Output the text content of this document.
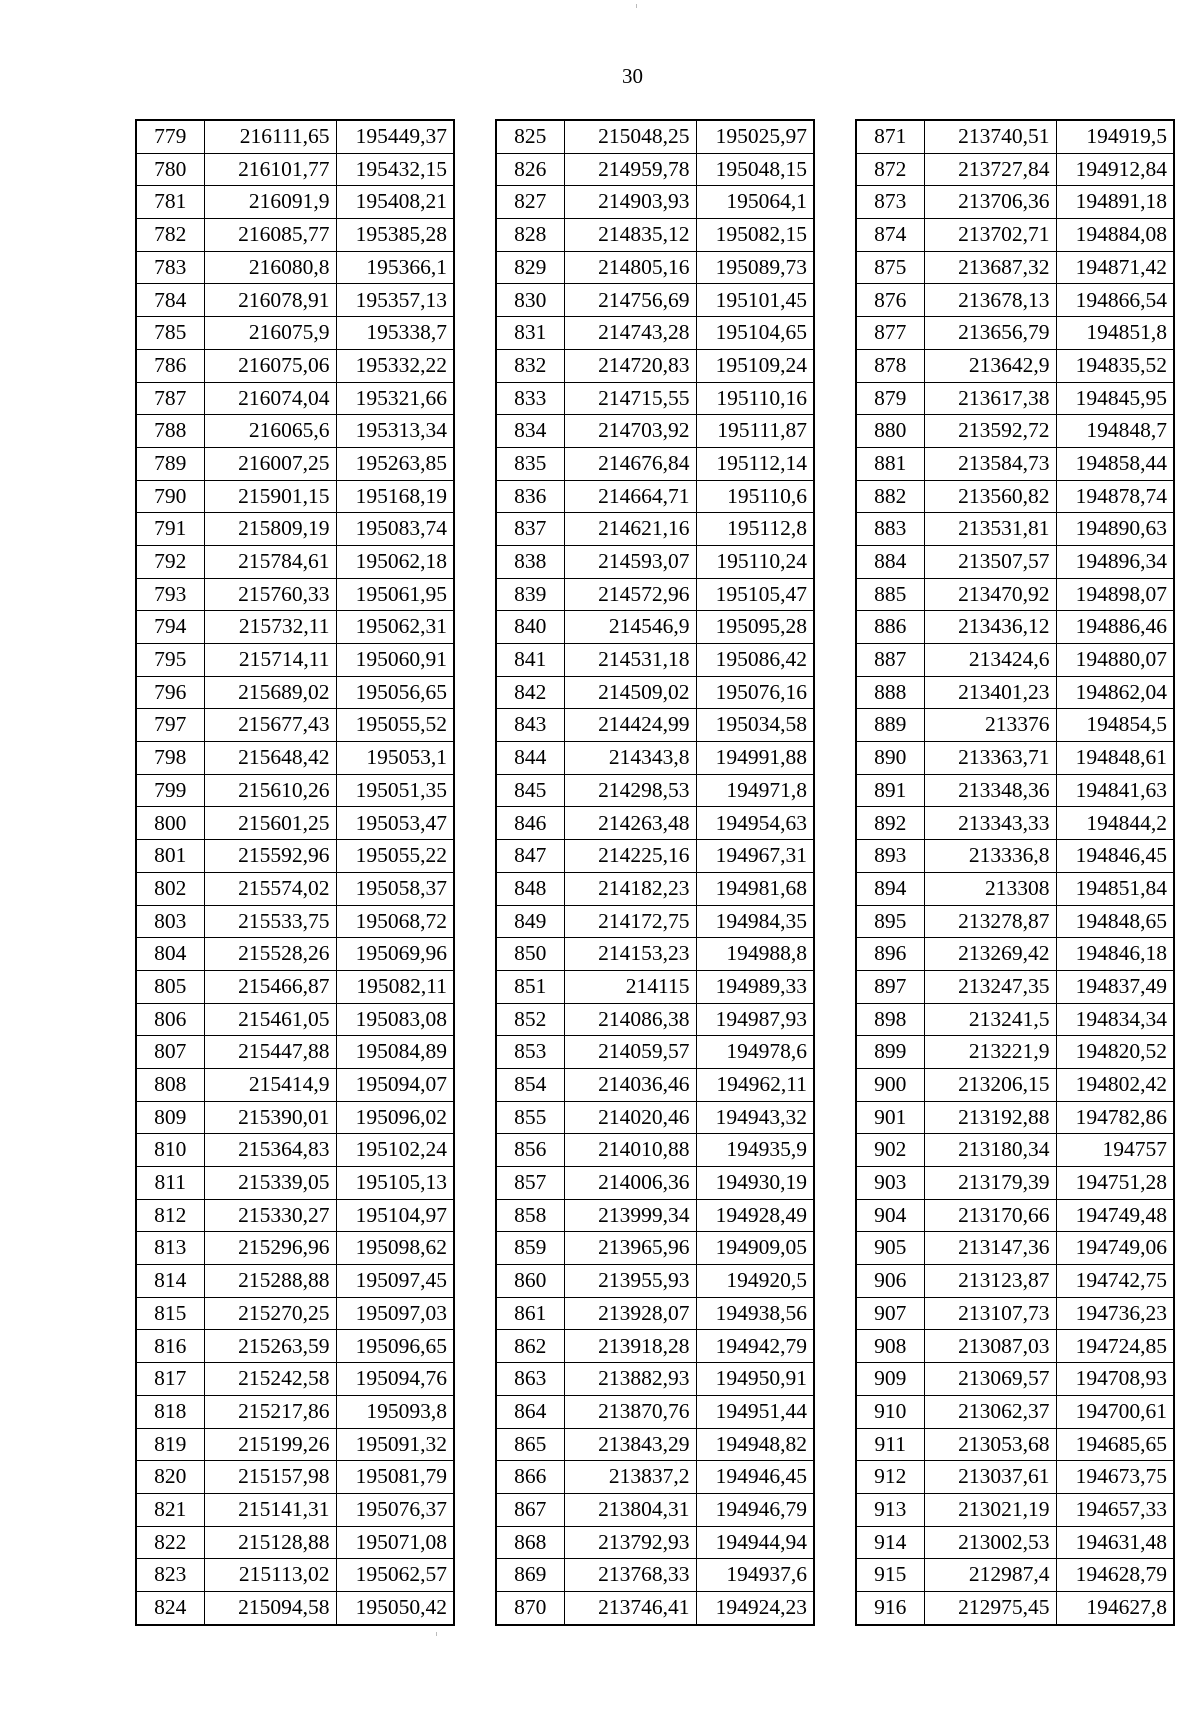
30
779	216111,65	195449,37
780	216101,77	195432,15
781	216091,9	195408,21
782	216085,77	195385,28
783	216080,8	195366,1
784	216078,91	195357,13
785	216075,9	195338,7
786	216075,06	195332,22
787	216074,04	195321,66
788	216065,6	195313,34
789	216007,25	195263,85
790	215901,15	195168,19
791	215809,19	195083,74
792	215784,61	195062,18
793	215760,33	195061,95
794	215732,11	195062,31
795	215714,11	195060,91
796	215689,02	195056,65
797	215677,43	195055,52
798	215648,42	195053,1
799	215610,26	195051,35
800	215601,25	195053,47
801	215592,96	195055,22
802	215574,02	195058,37
803	215533,75	195068,72
804	215528,26	195069,96
805	215466,87	195082,11
806	215461,05	195083,08
807	215447,88	195084,89
808	215414,9	195094,07
809	215390,01	195096,02
810	215364,83	195102,24
811	215339,05	195105,13
812	215330,27	195104,97
813	215296,96	195098,62
814	215288,88	195097,45
815	215270,25	195097,03
816	215263,59	195096,65
817	215242,58	195094,76
818	215217,86	195093,8
819	215199,26	195091,32
820	215157,98	195081,79
821	215141,31	195076,37
822	215128,88	195071,08
823	215113,02	195062,57
824	215094,58	195050,42
825	215048,25	195025,97
826	214959,78	195048,15
827	214903,93	195064,1
828	214835,12	195082,15
829	214805,16	195089,73
830	214756,69	195101,45
831	214743,28	195104,65
832	214720,83	195109,24
833	214715,55	195110,16
834	214703,92	195111,87
835	214676,84	195112,14
836	214664,71	195110,6
837	214621,16	195112,8
838	214593,07	195110,24
839	214572,96	195105,47
840	214546,9	195095,28
841	214531,18	195086,42
842	214509,02	195076,16
843	214424,99	195034,58
844	214343,8	194991,88
845	214298,53	194971,8
846	214263,48	194954,63
847	214225,16	194967,31
848	214182,23	194981,68
849	214172,75	194984,35
850	214153,23	194988,8
851	214115	194989,33
852	214086,38	194987,93
853	214059,57	194978,6
854	214036,46	194962,11
855	214020,46	194943,32
856	214010,88	194935,9
857	214006,36	194930,19
858	213999,34	194928,49
859	213965,96	194909,05
860	213955,93	194920,5
861	213928,07	194938,56
862	213918,28	194942,79
863	213882,93	194950,91
864	213870,76	194951,44
865	213843,29	194948,82
866	213837,2	194946,45
867	213804,31	194946,79
868	213792,93	194944,94
869	213768,33	194937,6
870	213746,41	194924,23
871	213740,51	194919,5
872	213727,84	194912,84
873	213706,36	194891,18
874	213702,71	194884,08
875	213687,32	194871,42
876	213678,13	194866,54
877	213656,79	194851,8
878	213642,9	194835,52
879	213617,38	194845,95
880	213592,72	194848,7
881	213584,73	194858,44
882	213560,82	194878,74
883	213531,81	194890,63
884	213507,57	194896,34
885	213470,92	194898,07
886	213436,12	194886,46
887	213424,6	194880,07
888	213401,23	194862,04
889	213376	194854,5
890	213363,71	194848,61
891	213348,36	194841,63
892	213343,33	194844,2
893	213336,8	194846,45
894	213308	194851,84
895	213278,87	194848,65
896	213269,42	194846,18
897	213247,35	194837,49
898	213241,5	194834,34
899	213221,9	194820,52
900	213206,15	194802,42
901	213192,88	194782,86
902	213180,34	194757
903	213179,39	194751,28
904	213170,66	194749,48
905	213147,36	194749,06
906	213123,87	194742,75
907	213107,73	194736,23
908	213087,03	194724,85
909	213069,57	194708,93
910	213062,37	194700,61
911	213053,68	194685,65
912	213037,61	194673,75
913	213021,19	194657,33
914	213002,53	194631,48
915	212987,4	194628,79
916	212975,45	194627,8
